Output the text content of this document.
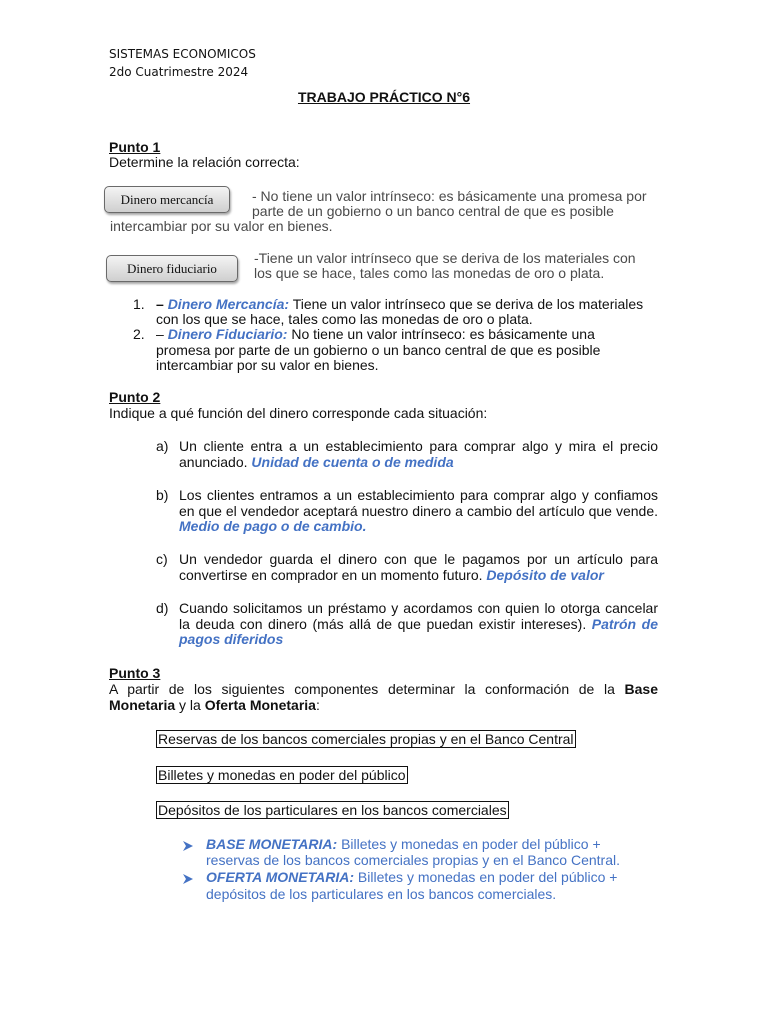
SISTEMAS ECONOMICOS
2do Cuatrimestre 2024
TRABAJO PRÁCTICO N°6
Punto 1
Determine la relación correcta:
Dinero mercancía	- No tiene un valor intrínseco: es básicamente una promesa por
parte de un gobierno o un banco central de que es posible
intercambiar por su valor en bienes.
Dinero fiduciario
-Tiene un valor intrínseco que se deriva de los materiales con
los que se hace, tales como las monedas de oro o plata.
1. – Dinero Mercancía: Tiene un valor intrínseco que se deriva de los materiales
con los que se hace, tales como las monedas de oro o plata.
2. – Dinero Fiduciario: No tiene un valor intrínseco: es básicamente una
promesa por parte de un gobierno o un banco central de que es posible
intercambiar por su valor en bienes.
Punto 2
Indique a qué función del dinero corresponde cada situación:
a) Un cliente entra a un establecimiento para comprar algo y mira el precio anunciado. Unidad de cuenta o de medida
b) Los clientes entramos a un establecimiento para comprar algo y confiamos en que el vendedor aceptará nuestro dinero a cambio del artículo que vende. Medio de pago o de cambio.
c) Un vendedor guarda el dinero con que le pagamos por un artículo para convertirse en comprador en un momento futuro. Depósito de valor
d) Cuando solicitamos un préstamo y acordamos con quien lo otorga cancelar la deuda con dinero (más allá de que puedan existir intereses). Patrón de pagos diferidos
Punto 3
A partir de los siguientes componentes determinar la conformación de la Base Monetaria y la Oferta Monetaria:
Reservas de los bancos comerciales propias y en el Banco Central
Billetes y monedas en poder del público
Depósitos de los particulares en los bancos comerciales
BASE MONETARIA: Billetes y monedas en poder del público +
reservas de los bancos comerciales propias y en el Banco Central.
OFERTA MONETARIA: Billetes y monedas en poder del público +
depósitos de los particulares en los bancos comerciales.
